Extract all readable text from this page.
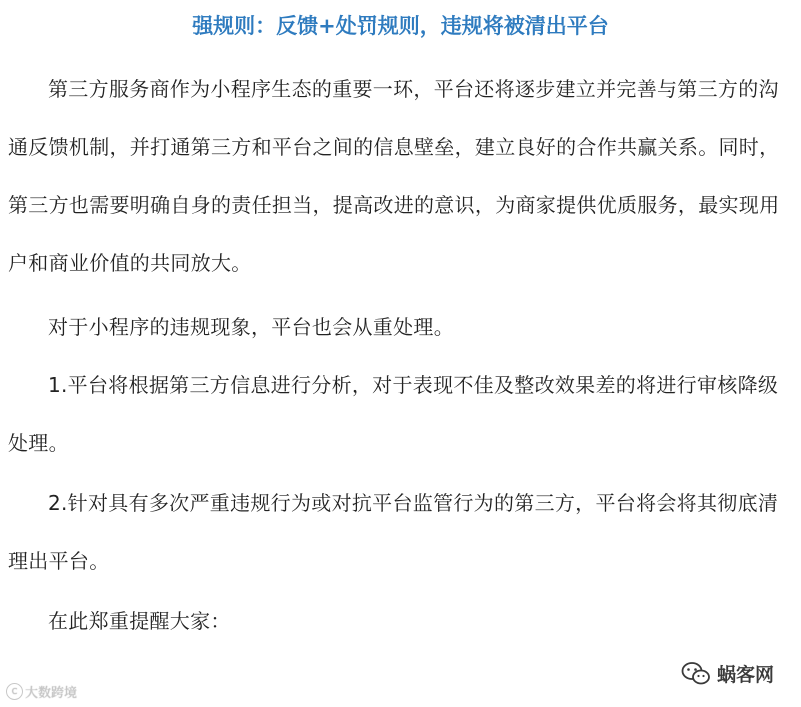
强规则：反馈+处罚规则，违规将被清出平台

第三方服务商作为小程序生态的重要一环，平台还将逐步建立并完善与第三方的沟通反馈机制，并打通第三方和平台之间的信息壁垒，建立良好的合作共赢关系。同时，第三方也需要明确自身的责任担当，提高改进的意识，为商家提供优质服务，最实现用户和商业价值的共同放大。

对于小程序的违规现象，平台也会从重处理。

1.平台将根据第三方信息进行分析，对于表现不佳及整改效果差的将进行审核降级处理。

2.针对具有多次严重违规行为或对抗平台监管行为的第三方，平台将会将其彻底清理出平台。

在此郑重提醒大家：

C 大数跨境
蜗客网
